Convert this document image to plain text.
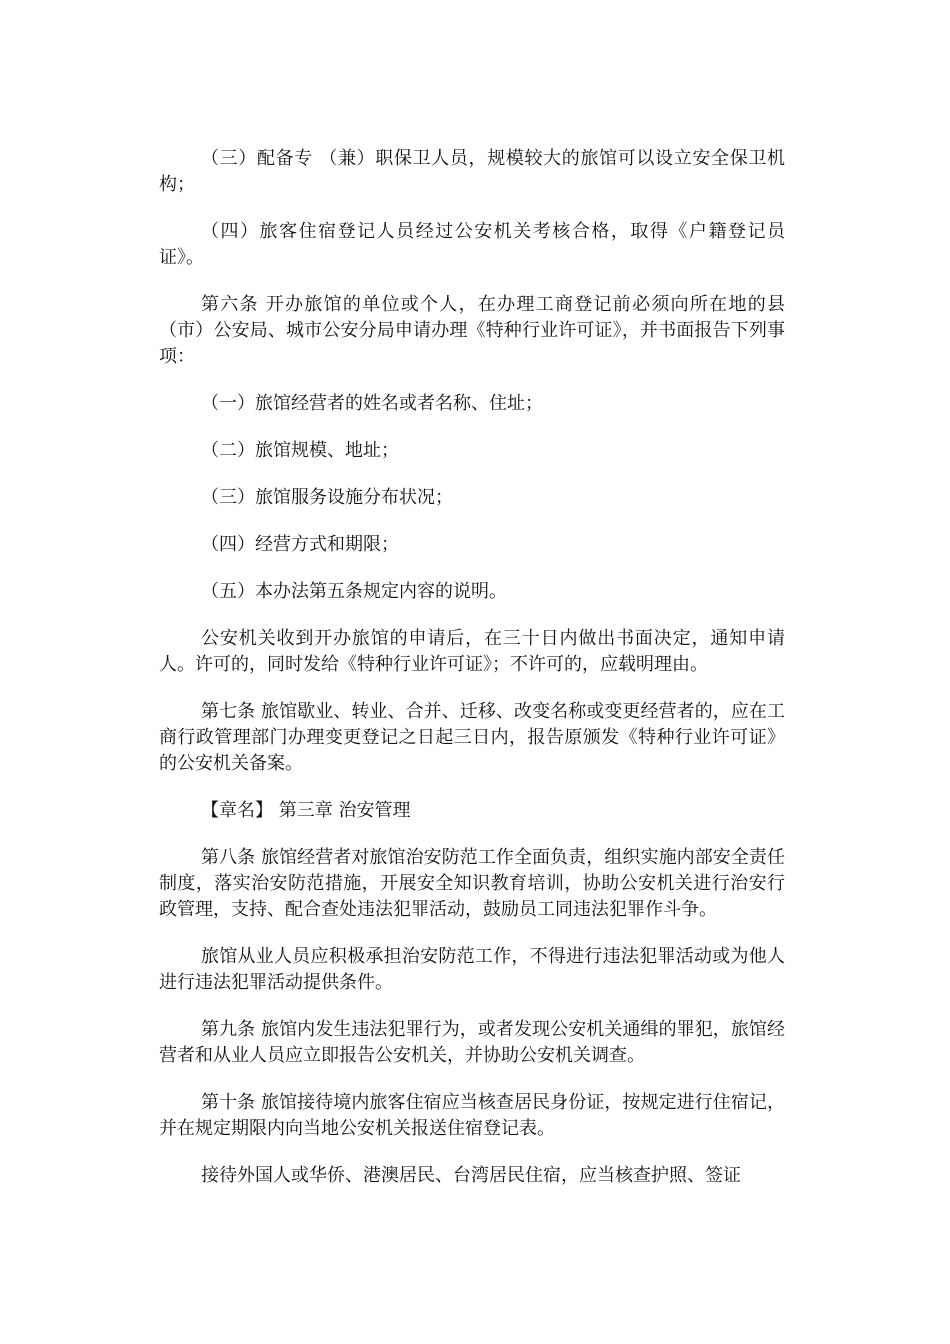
（三）配备专 （兼）职保卫人员，规模较大的旅馆可以设立安全保卫机构；

（四）旅客住宿登记人员经过公安机关考核合格，取得《户籍登记员证》。

第六条 开办旅馆的单位或个人，在办理工商登记前必须向所在地的县 （市）公安局、城市公安分局申请办理《特种行业许可证》，并书面报告下列事项：

（一）旅馆经营者的姓名或者名称、住址；

（二）旅馆规模、地址；

（三）旅馆服务设施分布状况；

（四）经营方式和期限；

（五）本办法第五条规定内容的说明。

公安机关收到开办旅馆的申请后，在三十日内做出书面决定，通知申请人。许可的，同时发给《特种行业许可证》；不许可的，应载明理由。

第七条 旅馆歇业、转业、合并、迁移、改变名称或变更经营者的，应在工商行政管理部门办理变更登记之日起三日内，报告原颁发《特种行业许可证》的公安机关备案。

【章名】 第三章 治安管理

第八条 旅馆经营者对旅馆治安防范工作全面负责，组织实施内部安全责任制度，落实治安防范措施，开展安全知识教育培训，协助公安机关进行治安行政管理，支持、配合查处违法犯罪活动，鼓励员工同违法犯罪作斗争。

旅馆从业人员应积极承担治安防范工作，不得进行违法犯罪活动或为他人进行违法犯罪活动提供条件。

第九条 旅馆内发生违法犯罪行为，或者发现公安机关通缉的罪犯，旅馆经营者和从业人员应立即报告公安机关，并协助公安机关调查。

第十条 旅馆接待境内旅客住宿应当核查居民身份证，按规定进行住宿记，并在规定期限内向当地公安机关报送住宿登记表。

接待外国人或华侨、港澳居民、台湾居民住宿，应当核查护照、签证
